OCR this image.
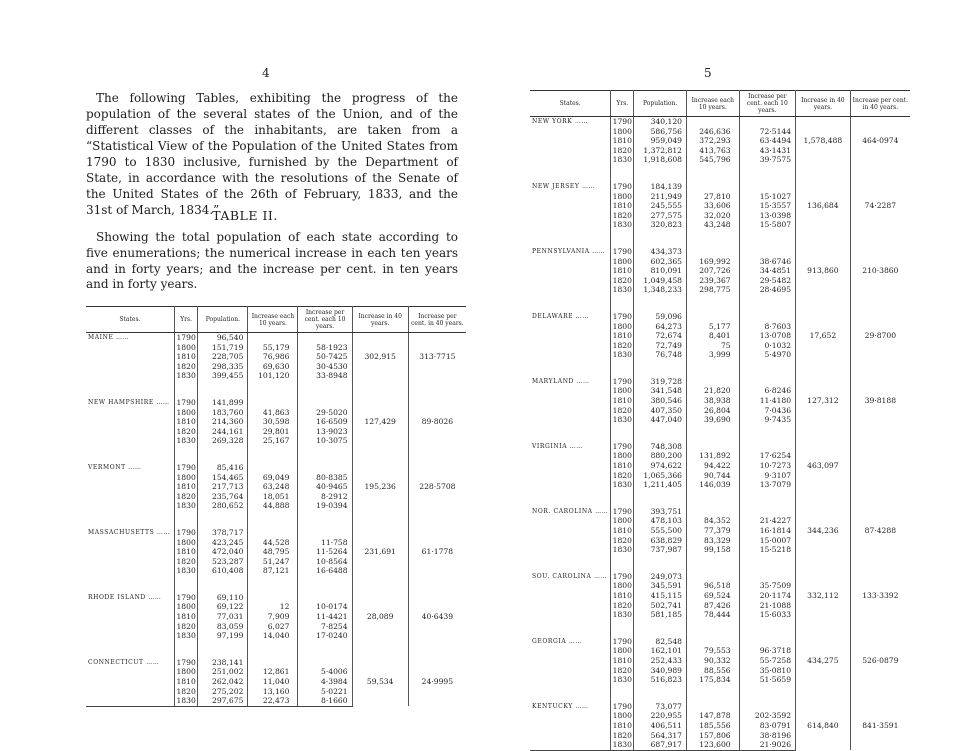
4

The following Tables, exhibiting the progress of the population of the several states of the Union, and of the different classes of the inhabitants, are taken from a “Statistical View of the Population of the United States from 1790 to 1830 inclusive, furnished by the Department of State, in accordance with the resolutions of the Senate of the United States of the 26th of February, 1833, and the 31st of March, 1834.”

TABLE II.

Showing the total population of each state according to five enumerations; the numerical increase in each ten years and in forty years; and the increase per cent. in ten years and in forty years.

States.	Yrs.	Population.	Increase each 10 years.	Increase per cent. each 10 years.	Increase in 40 years.	Increase per cent. in 40 years.
MAINE ……	1790	96,540			302,915	313·7715
	1800	151,719	55,179	58·1923		
	1810	228,705	76,986	50·7425		
	1820	298,335	69,630	30·4530		
	1830	399,455	101,120	33·8948		

NEW HAMPSHIRE ……	1790	141,899			127,429	89·8026
	1800	183,760	41,863	29·5020		
	1810	214,360	30,598	16·6509		
	1820	244,161	29,801	13·9023		
	1830	269,328	25,167	10·3075		

VERMONT ……	1790	85,416			195,236	228·5708
	1800	154,465	69,049	80·8385		
	1810	217,713	63,248	40·9465		
	1820	235,764	18,051	8·2912		
	1830	280,652	44,888	19·0394		

MASSACHUSETTS ……	1790	378,717			231,691	61·1778
	1800	423,245	44,528	11·758		
	1810	472,040	48,795	11·5264		
	1820	523,287	51,247	10·8564		
	1830	610,408	87,121	16·6488		

RHODE ISLAND ……	1790	69,110			28,089	40·6439
	1800	69,122	12	10·0174		
	1810	77,031	7,909	11·4421		
	1820	83,059	6,027	7·8254		
	1830	97,199	14,040	17·0240		

CONNECTICUT ……	1790	238,141			59,534	24·9995
	1800	251,002	12,861	5·4006		
	1810	262,042	11,040	4·3984		
	1820	275,202	13,160	5·0221		
	1830	297,675	22,473	8·1660		
5
States.	Yrs.	Population.	Increase each 10 years.	Increase per cent. each 10 years.	Increase in 40 years.	Increase per cent. in 40 years.
NEW YORK ……	1790	340,120			1,578,488	464·0974
	1800	586,756	246,636	72·5144		
	1810	959,049	372,293	63·4494		
	1820	1,372,812	413,763	43·1431		
	1830	1,918,608	545,796	39·7575		

NEW JERSEY ……	1790	184,139			136,684	74·2287
	1800	211,949	27,810	15·1027		
	1810	245,555	33,606	15·3557		
	1820	277,575	32,020	13·0398		
	1830	320,823	43,248	15·5807		

PENNSYLVANIA ……	1790	434,373			913,860	210·3860
	1800	602,365	169,992	38·6746		
	1810	810,091	207,726	34·4851		
	1820	1,049,458	239,367	29·5482		
	1830	1,348,233	298,775	28·4695		

DELAWARE ……	1790	59,096			17,652	29·8700
	1800	64,273	5,177	8·7603		
	1810	72,674	8,401	13·0708		
	1820	72,749	75	0·1032		
	1830	76,748	3,999	5·4970		

MARYLAND ……	1790	319,728			127,312	39·8188
	1800	341,548	21,820	6·8246		
	1810	380,546	38,938	11·4180		
	1820	407,350	26,804	7·0436		
	1830	447,040	39,690	9·7435		

VIRGINIA ……	1790	748,308			463,097	
	1800	880,200	131,892	17·6254		
	1810	974,622	94,422	10·7273		
	1820	1,065,366	90,744	9·3107		
	1830	1,211,405	146,039	13·7079		

NOR. CAROLINA ……	1790	393,751			344,236	87·4288
	1800	478,103	84,352	21·4227		
	1810	555,500	77,379	16·1814		
	1820	638,829	83,329	15·0007		
	1830	737,987	99,158	15·5218		

SOU. CAROLINA ……	1790	249,073			332,112	133·3392
	1800	345,591	96,518	35·7509		
	1810	415,115	69,524	20·1174		
	1820	502,741	87,426	21·1088		
	1830	581,185	78,444	15·6033		

GEORGIA ……	1790	82,548			434,275	526·0879
	1800	162,101	79,553	96·3718		
	1810	252,433	90,332	55·7258		
	1820	340,989	88,556	35·0810		
	1830	516,823	175,834	51·5659		

KENTUCKY ……	1790	73,077			614,840	841·3591
	1800	220,955	147,878	202·3592		
	1810	406,511	185,556	83·0791		
	1820	564,317	157,806	38·8196		
	1830	687,917	123,600	21·9026		
